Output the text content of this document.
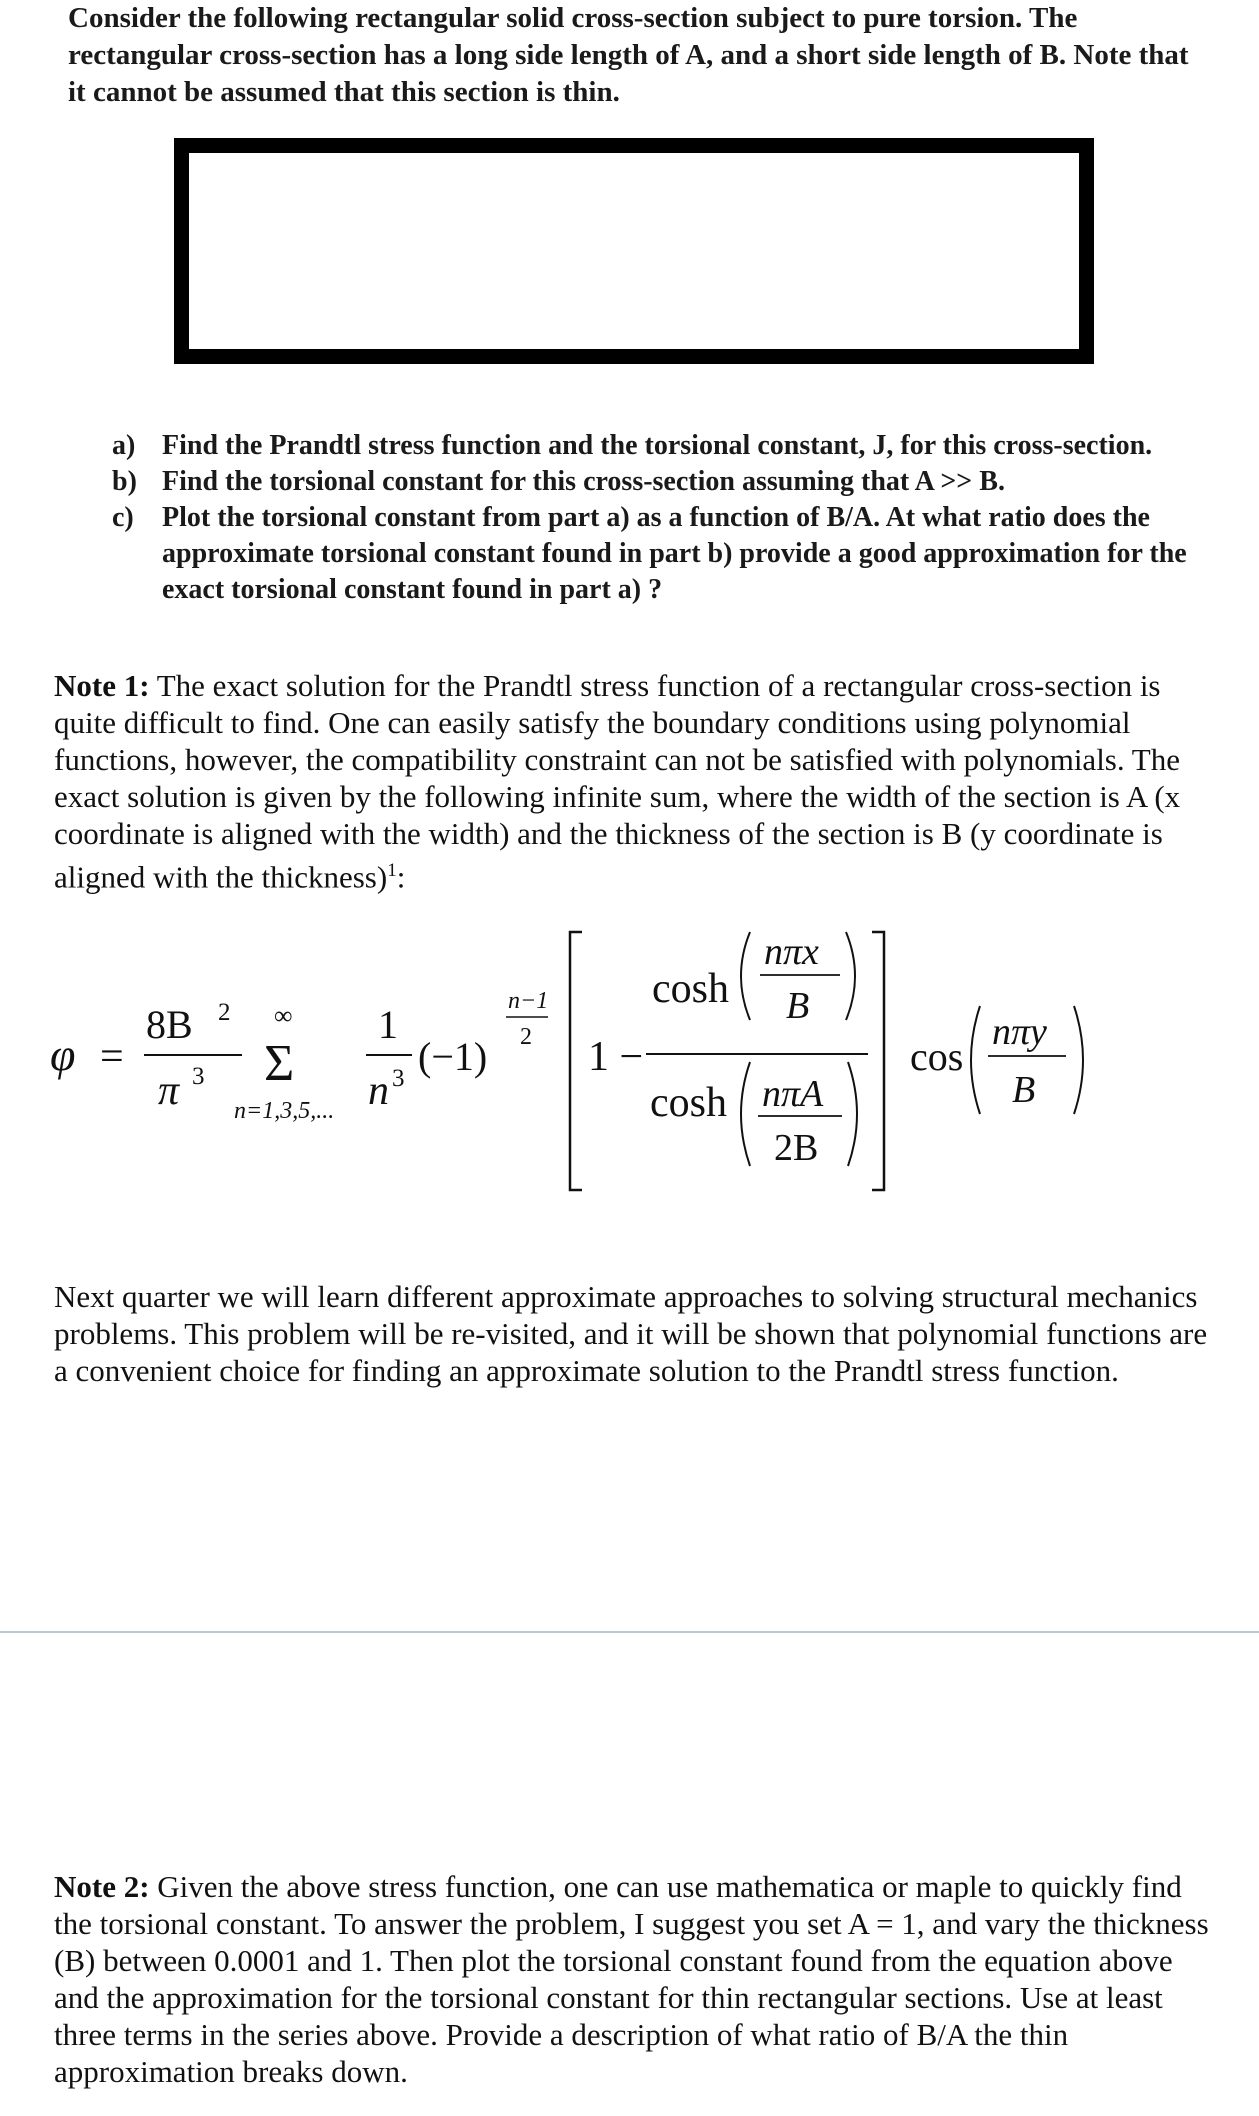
Consider the following rectangular solid cross-section subject to pure torsion. The rectangular cross-section has a long side length of A, and a short side length of B. Note that it cannot be assumed that this section is thin.
a) Find the Prandtl stress function and the torsional constant, J, for this cross-section.
b) Find the torsional constant for this cross-section assuming that A >> B.
c)	Plot the torsional constant from part a) as a function of B/A. At what ratio does the approximate torsional constant found in part b) provide a good approximation for the exact torsional constant found in part a) ?
Note 1: The exact solution for the Prandtl stress function of a rectangular cross-section is quite difficult to find. One can easily satisfy the boundary conditions using polynomial functions, however, the compatibility constraint can not be satisfied with polynomials. The exact solution is given by the following infinite sum, where the width of the section is A (x coordinate is aligned with the width) and the thickness of the section is B (y coordinate is aligned with the thickness)$^1$:
φ =
8B 2
π 3
∞
Σ
n=1,3,5,...
1
n 3 (−1)
n−1
2 1 −
cosh
nπx
B
cosh nπA
2B
cos
nπy
B
Next quarter we will learn different approximate approaches to solving structural mechanics problems. This problem will be re-visited, and it will be shown that polynomial functions are a convenient choice for finding an approximate solution to the Prandtl stress function.
Note 2: Given the above stress function, one can use mathematica or maple to quickly find the torsional constant. To answer the problem, I suggest you set A = 1, and vary the thickness (B) between 0.0001 and 1. Then plot the torsional constant found from the equation above and the approximation for the torsional constant for thin rectangular sections. Use at least three terms in the series above. Provide a description of what ratio of B/A the thin approximation breaks down.
